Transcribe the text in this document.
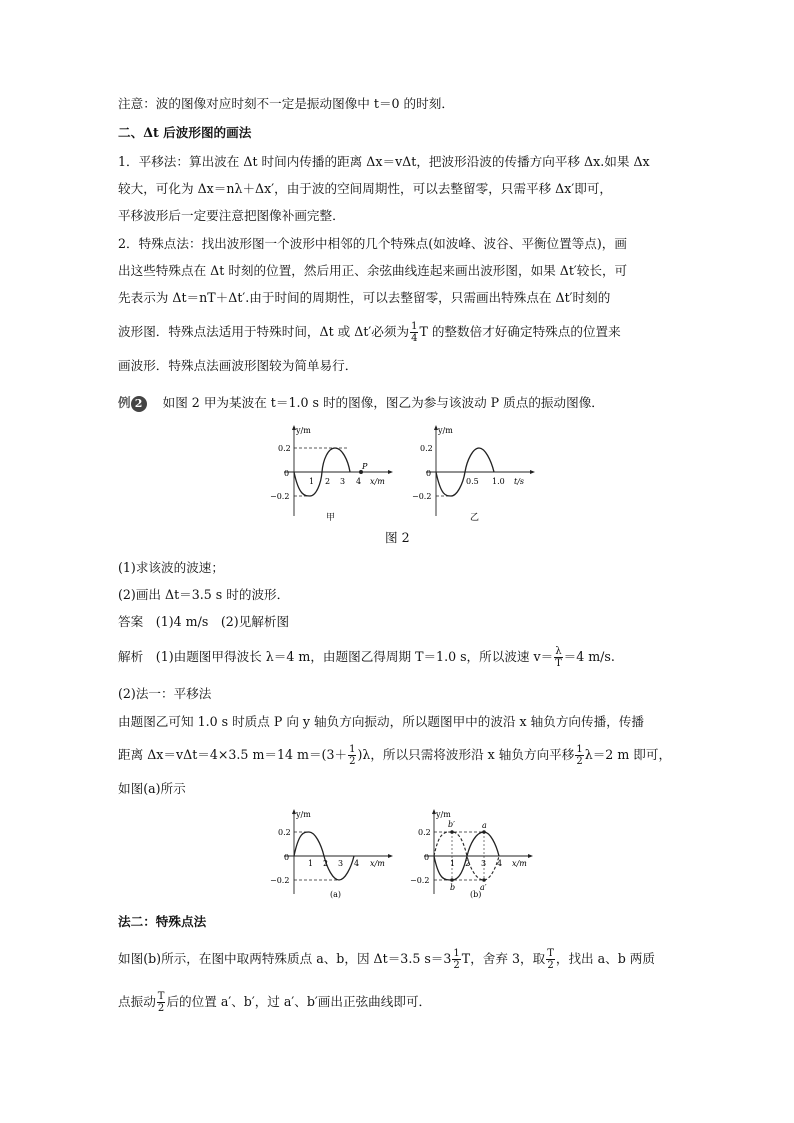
注意：波的图像对应时刻不一定是振动图像中 t＝0 的时刻．
二、Δt 后波形图的画法
1．平移法：算出波在 Δt 时间内传播的距离 Δx＝vΔt，把波形沿波的传播方向平移 Δx.如果 Δx
较大，可化为 Δx＝nλ＋Δx′，由于波的空间周期性，可以去整留零，只需平移 Δx′即可，
平移波形后一定要注意把图像补画完整．
2．特殊点法：找出波形图一个波形中相邻的几个特殊点(如波峰、波谷、平衡位置等点)，画
出这些特殊点在 Δt 时刻的位置，然后用正、余弦曲线连起来画出波形图，如果 Δt′较长，可
先表示为 Δt＝nT＋Δt′.由于时间的周期性，可以去整留零，只需画出特殊点在 Δt′时刻的
波形图．特殊点法适用于特殊时间，Δt 或 Δt′必须为 $\frac{1}{4}$ T 的整数倍才好确定特殊点的位置来
画波形．特殊点法画波形图较为简单易行．
例 2 如图 2 甲为某波在 t＝1.0 s 时的图像，图乙为参与该波动 P 质点的振动图像．
y/m
0.2
0
−0.2
1 2 3 4
P
x/m
甲
y/m
0.2
0
−0.2
0.5 1.0 t/s
乙
图 2
(1)求该波的波速；
(2)画出 Δt＝3.5 s 时的波形．
答案　(1)4 m/s　(2)见解析图
解析　(1)由题图甲得波长 λ＝4 m，由题图乙得周期 T＝1.0 s，所以波速 $v= \frac{\lambda}{T} =4$ m/s.
(2)法一：平移法
由题图乙可知 1.0 s 时质点 P 向 y 轴负方向振动，所以题图甲中的波沿 x 轴负方向传播，传播
距离 Δx＝vΔt＝4×3.5 m＝14 $m=(3+ \frac{1}{2} )\lambda$，所以只需将波形沿 x 轴负方向平移 $\frac{1}{2} \lambda=2$ m 即可，
如图(a)所示
y/m
0.2
0
−0.2
1 2 3 4 x/m
(a)
y/m
0.2
0
−0.2
b′
b
a
a′
1 2 3 4 x/m
(b)
法二：特殊点法
如图(b)所示，在图中取两特殊质点 a、b，因 Δt＝3.5 $s=3 \frac{1}{2}$ T，舍弃 3，取 $\frac{T}{2}$ ，找出 a、b 两质
点振动 $\frac{T}{2}$ 后的位置 a′、b′，过 a′、b′画出正弦曲线即可．
